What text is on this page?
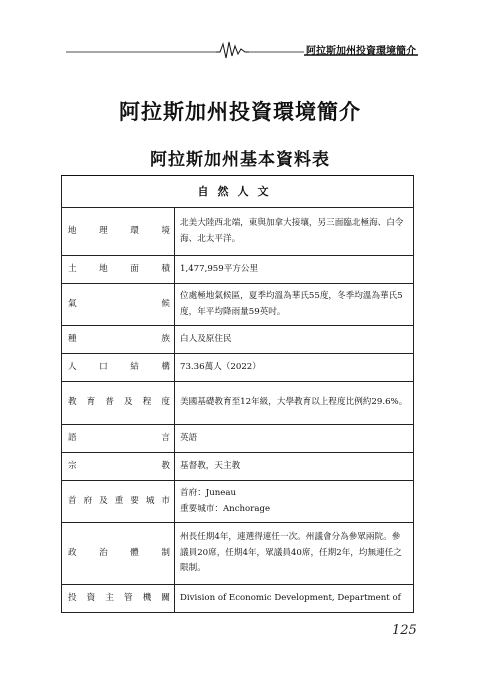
阿拉斯加州投資環境簡介
阿拉斯加州投資環境簡介
阿拉斯加州基本資料表
自然人文	

地理環境	北美大陸西北端，東與加拿大接壤，另三面臨北極海、白令海、北太平洋。

土地面積	1,477,959平方公里

氣候	位處極地氣候區，夏季均溫為華氏55度，冬季均溫為華氏5度，年平均降雨量59英吋。

種族	白人及原住民

人口結構	73.36萬人（2022）

教育普及程度	美國基礎教育至12年級，大學教育以上程度比例約29.6%。

語言	英語

宗教	基督教，天主教

首府及重要城市	首府：Juneau
重要城市：Anchorage

政治體制	州長任期4年，連選得連任一次。州議會分為參眾兩院。參議員20席，任期4年，眾議員40席，任期2年，均無連任之限制。

投資主管機關	Division of Economic Development, Department of
125
